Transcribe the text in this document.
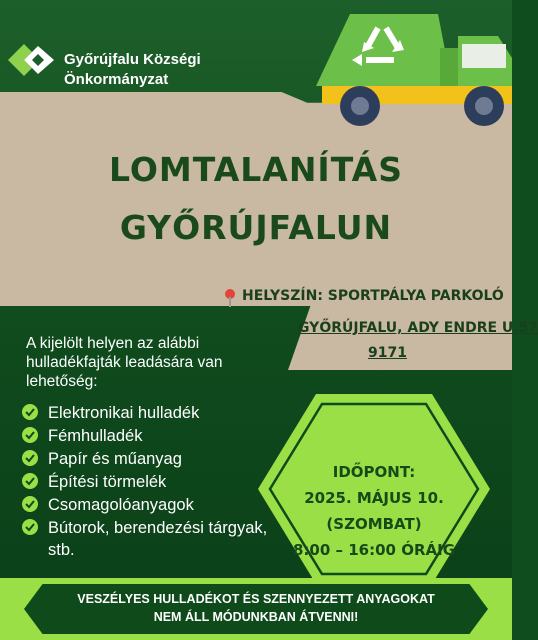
Győrújfalu Községi
Önkormányzat
LOMTALANÍTÁS
GYŐRÚJFALUN
HELYSZÍN: SPORTPÁLYA PARKOLÓ
GYŐRÚJFALU, ADY ENDRE U.57
9171
A kijelölt helyen az alábbi hulladékfajták leadására van lehetőség:
Elektronikai hulladék
Fémhulladék
Papír és műanyag
Építési törmelék
Csomagolóanyagok
Bútorok, berendezési tárgyak, stb.
IDŐPONT:
2025. MÁJUS 10.
(SZOMBAT)
8:00 – 16:00 ÓRÁIG
VESZÉLYES HULLADÉKOT ÉS SZENNYEZETT ANYAGOKAT
NEM ÁLL MÓDUNKBAN ÁTVENNI!
